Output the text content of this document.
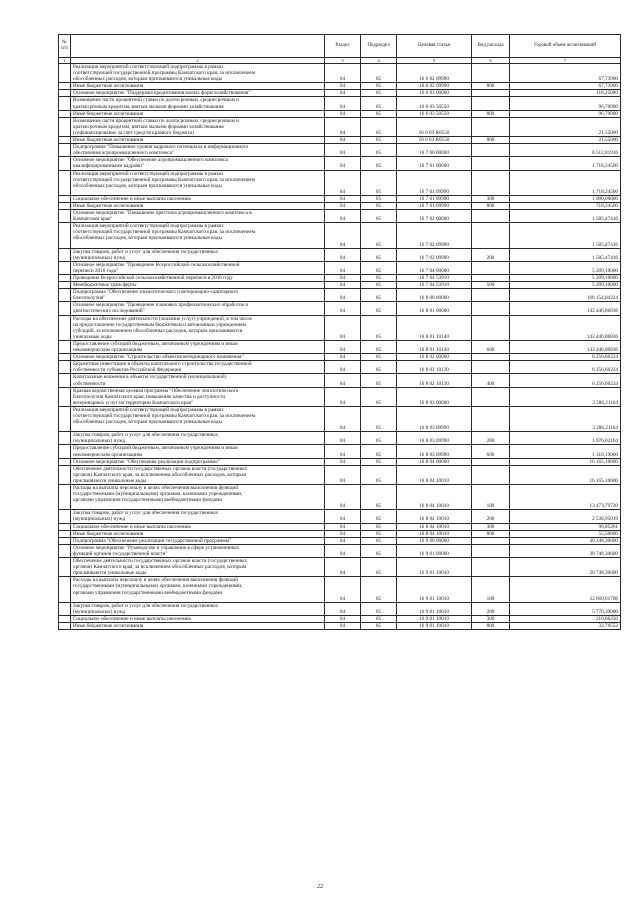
№ п/п		Раздел	Подраздел	Целевая статья	Вид расхода	Годовой объем ассигнований
1	2	3	4	5	6	7

	Реализация мероприятий соответствующей подпрограммы в рамках
соответствующей государственной программы Камчатского края, за исключением
обособленных расходов, которым присваиваются уникальные коды	04	05	16 6 02 09990		67,73900

	Иные бюджетные ассигнования	04	05	16 6 02 09990	800	67,73900

	Основное мероприятие "Поддержка кредитования малых форм хозяйствования"	04	05	16 6 03 00000		118,25000

	Возмещение части процентной ставки по долгосрочным, среднесрочным и
краткосрочным кредитам, взятым малыми формами хозяйствования	04	05	16 6 03 50550		96,70000

	Иные бюджетные ассигнования	04	05	16 6 03 50550	800	96,70000

	Возмещение части процентной ставки по долгосрочным, среднесрочным и
краткосрочным кредитам, взятым малыми формами хозяйствования
(софинансирование за счет средств краевого бюджета)	04	05	16 6 03 R0550		21,55000

	Иные бюджетные ассигнования	04	05	16 6 03 R0550	800	21,55000

	Подпрограмма "Повышение уровня кадрового потенциала и информационного
обеспечения агропромышленного комплекса"	04	05	16 7 00 00000		8 512,81916

	Основное мероприятие "Обеспечение агропромышленного комплекса
квалифицированными кадрами"	04	05	16 7 01 00000		1 718,24500

	Реализация мероприятий соответствующей подпрограммы в рамках
соответствующей государственной программы Камчатского края, за исключением
обособленных расходов, которым присваиваются уникальные коды	04	05	16 7 01 09990		1 718,24500

	Социальное обеспечение и иные выплаты населению	04	05	16 7 01 09990	300	1 000,00000

	Иные бюджетные ассигнования	04	05	16 7 01 09990	800	718,24500

	Основное мероприятие "Повышение престижа агропромышленного комплекса в
Камчатском крае"	04	05	16 7 02 00000		1 585,47416

	Реализация мероприятий соответствующей подпрограммы в рамках
соответствующей государственной программы Камчатского края, за исключением
обособленных расходов, которым присваиваются уникальные коды	04	05	16 7 02 09990		1 585,47416

	Закупка товаров, работ и услуг для обеспечения государственных
(муниципальных) нужд	04	05	16 7 02 09990	200	1 585,47416

	Основное мероприятие "Проведение Всероссийской сельскохозяйственной
переписи 2016 года"	04	05	16 7 04 00000		5 209,10000

	Проведение Всероссийской сельскохозяйственной переписи в 2016 году	04	05	16 7 04 53910		5 209,10000

	Межбюджетные трансферты	04	05	16 7 04 53910	500	5 209,10000

	Подпрограмма "Обеспечение эпизоотического и ветеринарно-санитарного
благополучия"	04	05	16 8 00 00000		168 154,84224

	Основное мероприятие "Проведение плановых профилактических обработок и
диагностических исследований"	04	05	16 8 01 00000		142 446,86836

	Расходы на обеспечение деятельности (оказание услуг) учреждений, в том числе
на предоставление государственным бюджетным и автономным учреждениям
субсидий, за исключением обособленных расходов, которым присваиваются
уникальные коды	04	05	16 8 01 10140		142 446,86836

	Предоставление субсидий бюджетным, автономным учреждениям и иным
некоммерческим организациям	04	05	16 8 01 10140	600	142 446,86836

	Основное мероприятие "Строительство объектов ветеринарного назначения"	04	05	16 8 02 00000		6 256,66224

	Бюджетные инвестиции в объекты капитального строительства государственной
собственности субъектов Российской Федерации	04	05	16 8 02 10130		6 256,66224

	Капитальные вложения в объекты государственной (муниципальной)
собственности	04	05	16 8 02 10130	400	6 256,66224

	Краевая ведомственная целевая программа "Обеспечение эпизоотического
благополучия Камчатского края, повышение качества и доступности
ветеринарных услуг на территории Камчатского края"	04	05	16 8 03 00000		3 286,21164

	Реализация мероприятий соответствующей подпрограммы в рамках
соответствующей государственной программы Камчатского края, за исключением
обособленных расходов, которым присваиваются уникальные коды	04	05	16 8 03 09990		3 286,21164

	Закупка товаров, работ и услуг для обеспечения государственных
(муниципальных) нужд	04	05	16 8 03 09990	200	1 976,02164

	Предоставление субсидий бюджетным, автономным учреждениям и иным
некоммерческим организациям	04	05	16 8 03 09990	600	1 310,19000

	Основное мероприятие "Обеспечение реализации подпрограммы"	04	05	16 8 04 00000		16 165,10000

	Обеспечение деятельности государственных органов власти (государственных
органов) Камчатского края, за исключением обособленных расходов, которым
присваиваются уникальные коды	04	05	16 8 04 10010		16 165,10000

	Расходы на выплаты персоналу в целях обеспечения выполнения функций
государственными (муниципальными) органами, казенными учреждениями,
органами управления государственными внебюджетными фондами	04	05	16 8 04 10010	100	13 473,79720

	Закупка товаров, работ и услуг для обеспечения государственных
(муниципальных) нужд	04	05	16 8 04 10010	200	2 538,95019

	Социальное обеспечение и иные выплаты населению	04	05	16 8 04 10010	300	96,85261

	Иные бюджетные ассигнования	04	05	16 8 04 10010	800	55,50000

	Подпрограмма "Обеспечение реализации государственной программы"	04	05	16 9 00 00000		40 248,30600

	Основное мероприятие "Руководство и управление в сфере установленных
функций органов государственной власти"	04	05	16 9 01 00000		38 748,30600

	Обеспечение деятельности государственных органов власти (государственных
органов) Камчатского края, за исключением обособленных расходов, которым
присваиваются уникальные коды	04	05	16 9 01 10010		38 748,30600

	Расходы на выплаты персоналу в целях обеспечения выполнения функций
государственными (муниципальными) органами, казенными учреждениями,
органами управления государственными внебюджетными фондами	04	05	16 9 01 10010	100	32 669,61708

	Закупка товаров, работ и услуг для обеспечения государственных
(муниципальных) нужд	04	05	16 9 01 10010	200	5 770,39000

	Социальное обеспечение и иные выплаты населению	04	05	16 9 01 10010	300	216,66250

	Иные бюджетные ассигнования	04	05	16 9 01 10010	800	32,70552
22
